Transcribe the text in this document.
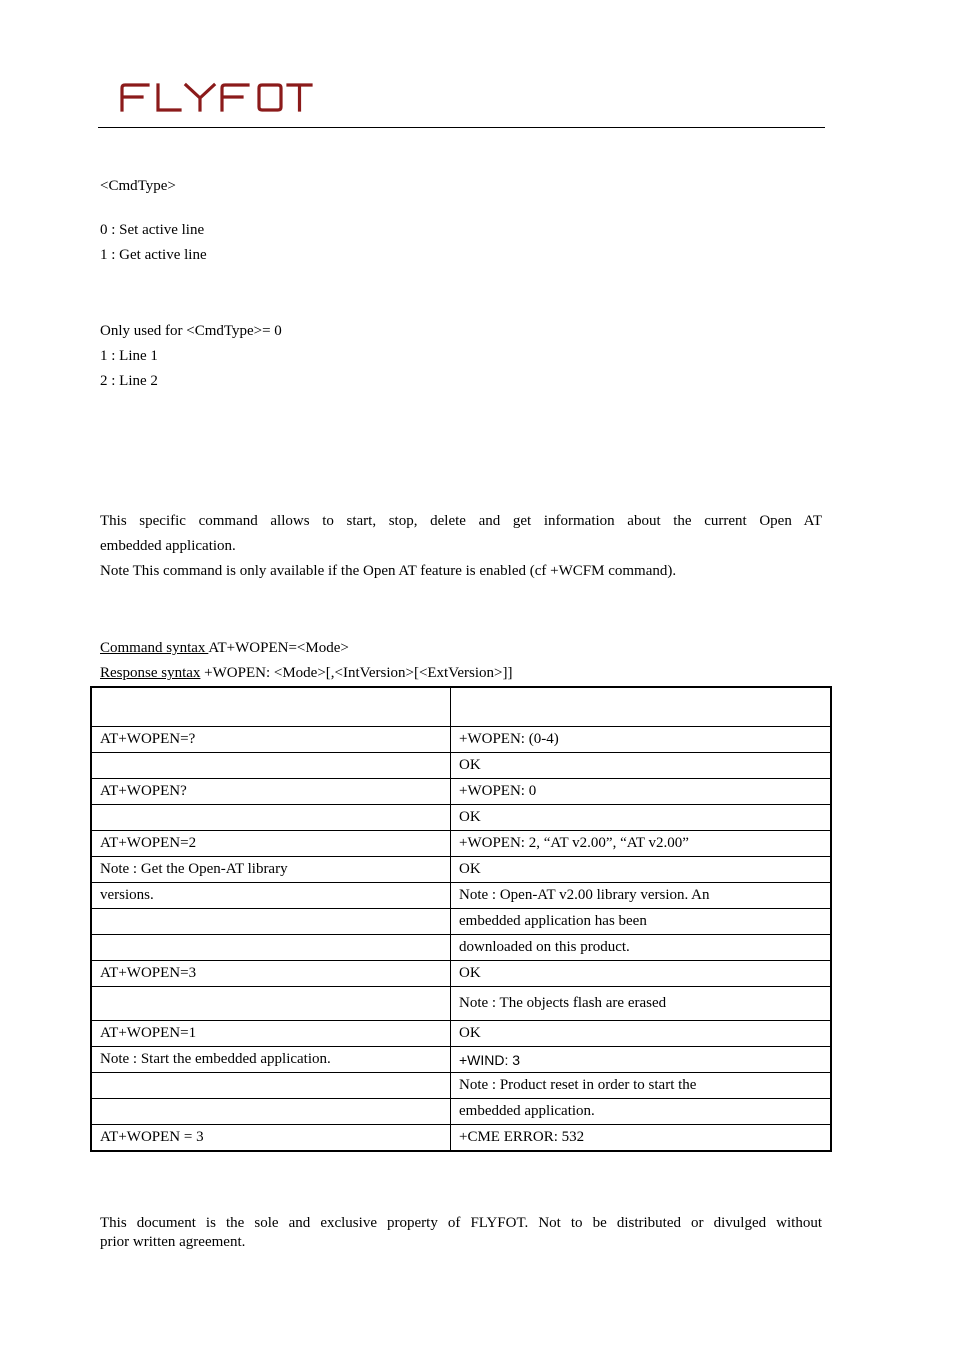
<CmdType>
0 : Set active line
1 : Get active line
Only used for <CmdType>= 0
1 : Line 1
2 : Line 2
This specific command allows to start, stop, delete and get information about the current Open AT
embedded application.
Note This command is only available if the Open AT feature is enabled (cf +WCFM command).
Command syntax AT+WOPEN=<Mode>
Response syntax +WOPEN: <Mode>[,<IntVersion>[<ExtVersion>]]

AT+WOPEN=?	+WOPEN: (0-4)
	OK
AT+WOPEN?	+WOPEN: 0
	OK
AT+WOPEN=2	+WOPEN: 2, “AT v2.00”, “AT v2.00”
Note : Get the Open-AT library	OK
versions.	Note : Open-AT v2.00 library version. An
	embedded application has been
	downloaded on this product.
AT+WOPEN=3	OK
	Note : The objects flash are erased
AT+WOPEN=1	OK
Note : Start the embedded application.	+WIND: 3
	Note : Product reset in order to start the
	embedded application.
AT+WOPEN = 3	+CME ERROR: 532
This document is the sole and exclusive property of FLYFOT. Not to be distributed or divulged without
prior written agreement.
